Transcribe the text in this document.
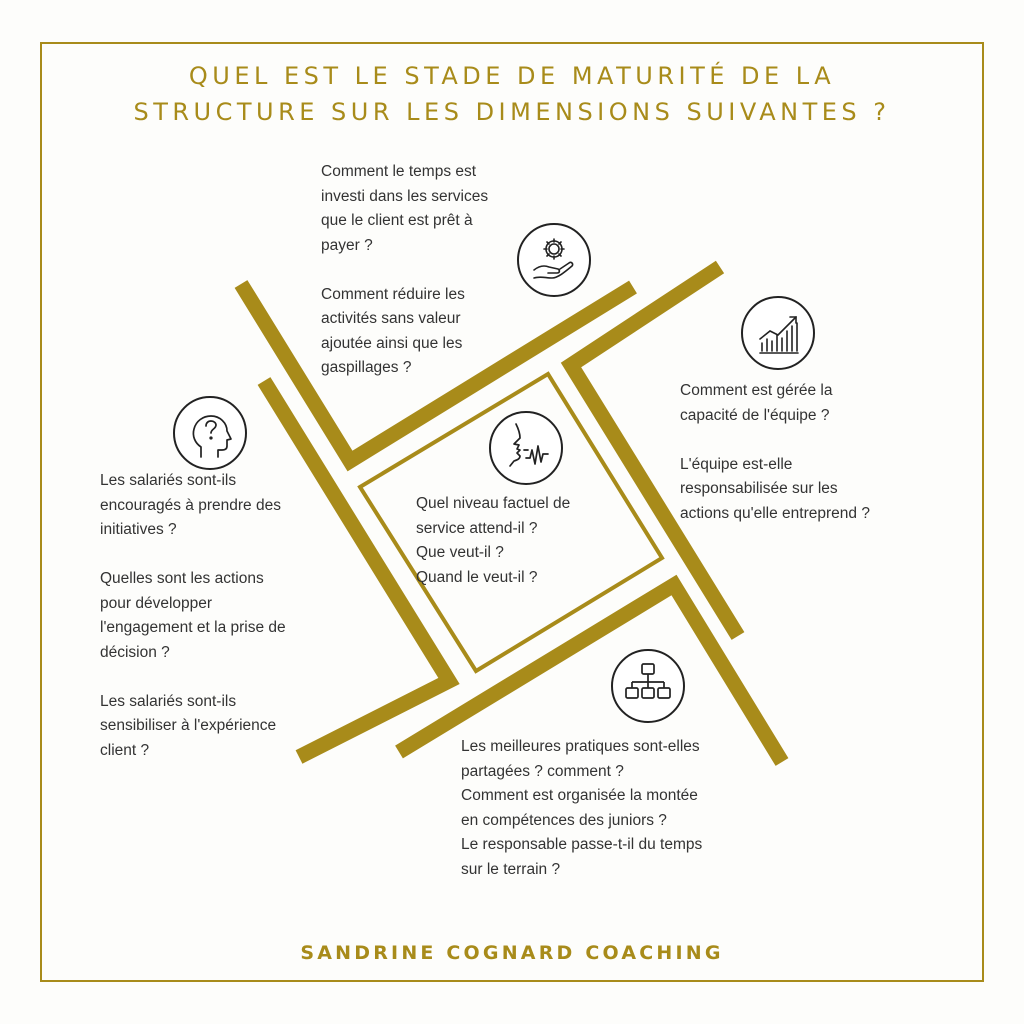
QUEL EST LE STADE DE MATURITÉ DE LA
STRUCTURE SUR LES DIMENSIONS SUIVANTES ?

Comment le temps est

investi dans les services

que le client est prêt à

payer ?

Comment réduire les

activités sans valeur

ajoutée ainsi que les

gaspillages ?

Comment est gérée la

capacité de l'équipe ?

L'équipe est-elle

responsabilisée sur les

actions qu'elle entreprend ?

Les salariés sont-ils

encouragés à prendre des

initiatives ?

Quelles sont les actions

pour développer

l'engagement et la prise de

décision ?

Les salariés sont-ils

sensibiliser à l'expérience

client ?

Quel niveau factuel de

service attend-il ?

Que veut-il ?

Quand le veut-il ?

Les meilleures pratiques sont-elles

partagées ? comment ?

Comment est organisée la montée

en compétences des juniors ?

Le responsable passe-t-il du temps

sur le terrain ?

SANDRINE COGNARD COACHING
